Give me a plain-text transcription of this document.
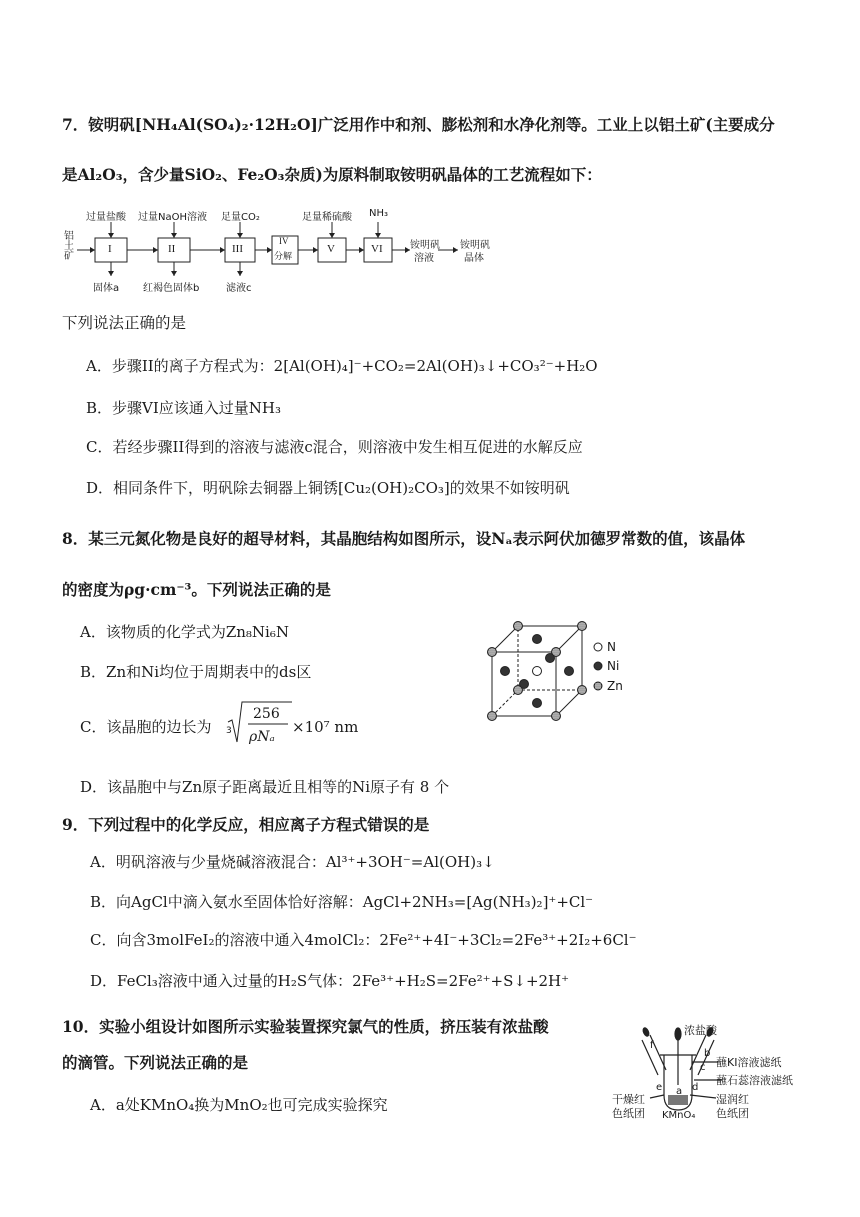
7．铵明矾[NH₄Al(SO₄)₂·12H₂O]广泛用作中和剂、膨松剂和水净化剂等。工业上以铝土矿(主要成分
是Al₂O₃，含少量SiO₂、Fe₂O₃杂质)为原料制取铵明矾晶体的工艺流程如下：
铝土矿
过量盐酸 过量NaOH溶液 足量CO₂	足量稀硫酸 NH₃
I	II	III
IV
分解
V	VI	铵明矾
溶液
铵明矾
晶体
固体a 红褐色固体b	滤液c
下列说法正确的是
A．步骤II的离子方程式为：2[Al(OH)₄]⁻+CO₂=2Al(OH)₃↓+CO₃²⁻+H₂O
B．步骤VI应该通入过量NH₃
C．若经步骤II得到的溶液与滤液c混合，则溶液中发生相互促进的水解反应
D．相同条件下，明矾除去铜器上铜锈[Cu₂(OH)₂CO₃]的效果不如铵明矾
8．某三元氮化物是良好的超导材料，其晶胞结构如图所示，设Nₐ表示阿伏加德罗常数的值，该晶体
的密度为ρg·cm⁻³。下列说法正确的是
A．该物质的化学式为Zn₈Ni₆N
B．Zn和Ni均位于周期表中的ds区
C．该晶胞的边长为 3
256
ρNₐ
×10⁷ nm
D．该晶胞中与Zn原子距离最近且相等的Ni原子有 8 个
N
Ni
Zn
9．下列过程中的化学反应，相应离子方程式错误的是
A．明矾溶液与少量烧碱溶液混合：Al³⁺+3OH⁻=Al(OH)₃↓
B．向AgCl中滴入氨水至固体恰好溶解：AgCl+2NH₃=[Ag(NH₃)₂]⁺+Cl⁻
C．向含3molFeI₂的溶液中通入4molCl₂：2Fe²⁺+4I⁻+3Cl₂=2Fe³⁺+2I₂+6Cl⁻
D．FeCl₃溶液中通入过量的H₂S气体：2Fe³⁺+H₂S=2Fe²⁺+S↓+2H⁺
10．实验小组设计如图所示实验装置探究氯气的性质，挤压装有浓盐酸
的滴管。下列说法正确的是
A．a处KMnO₄换为MnO₂也可完成实验探究
浓盐酸
蘸KI溶液滤纸
蘸石蕊溶液滤纸
湿润红
色纸团
干燥红
色纸团 KMnO₄
f
b
c
d
e a
